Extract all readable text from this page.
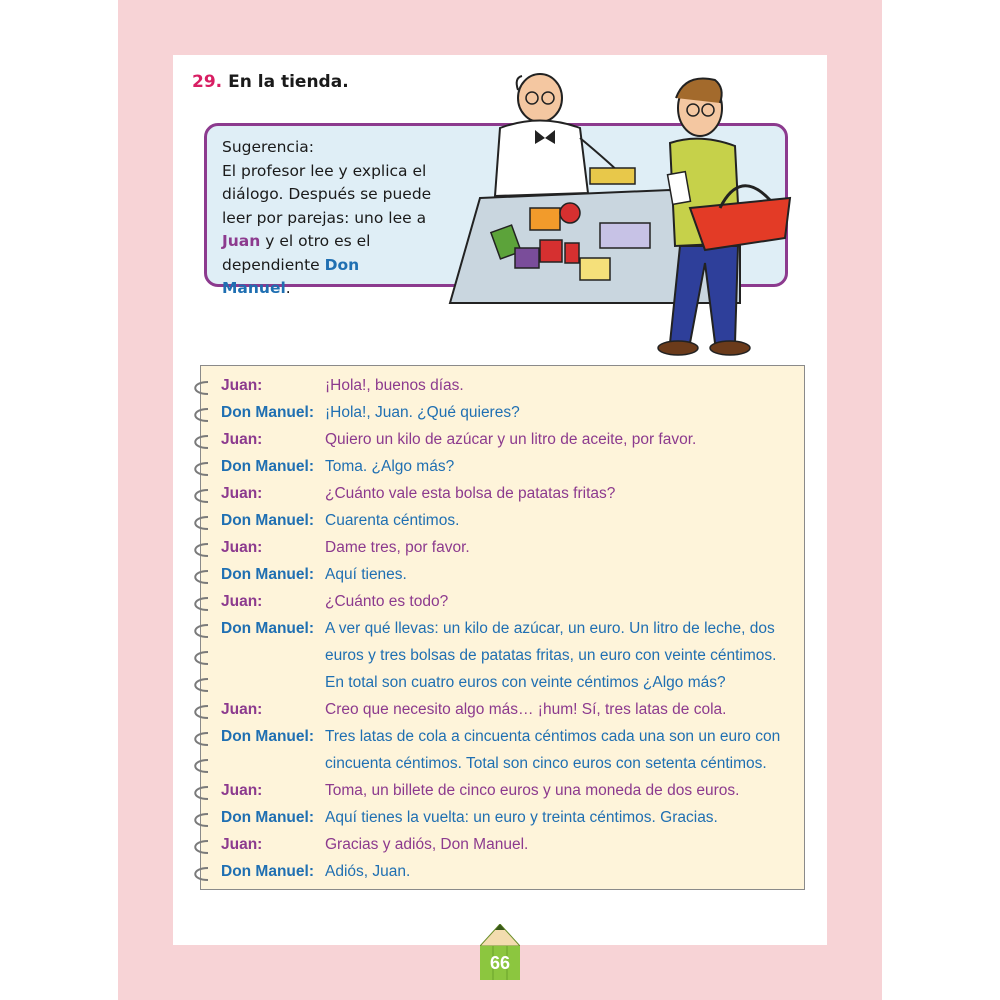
29. En la tienda.
Sugerencia:
El profesor lee y explica el
diálogo. Después se puede
leer por parejas: uno lee a
Juan y el otro es el
dependiente Don Manuel.
Juan:	¡Hola!, buenos días.
Don Manuel: ¡Hola!, Juan. ¿Qué quieres?
Juan:	Quiero un kilo de azúcar y un litro de aceite, por favor.
Don Manuel: Toma. ¿Algo más?
Juan:	¿Cuánto vale esta bolsa de patatas fritas?
Don Manuel: Cuarenta céntimos.
Juan:	Dame tres, por favor.
Don Manuel: Aquí tienes.
Juan:	¿Cuánto es todo?
Don Manuel: A ver qué llevas: un kilo de azúcar, un euro. Un litro de leche, dos
euros y tres bolsas de patatas fritas, un euro con veinte céntimos.
En total son cuatro euros con veinte céntimos ¿Algo más?
Juan:	Creo que necesito algo más… ¡hum! Sí, tres latas de cola.
Don Manuel: Tres latas de cola a cincuenta céntimos cada una son un euro con
cincuenta céntimos. Total son cinco euros con setenta céntimos.
Juan:	Toma, un billete de cinco euros y una moneda de dos euros.
Don Manuel: Aquí tienes la vuelta: un euro y treinta céntimos. Gracias.
Juan:	Gracias y adiós, Don Manuel.
Don Manuel: Adiós, Juan.
66
